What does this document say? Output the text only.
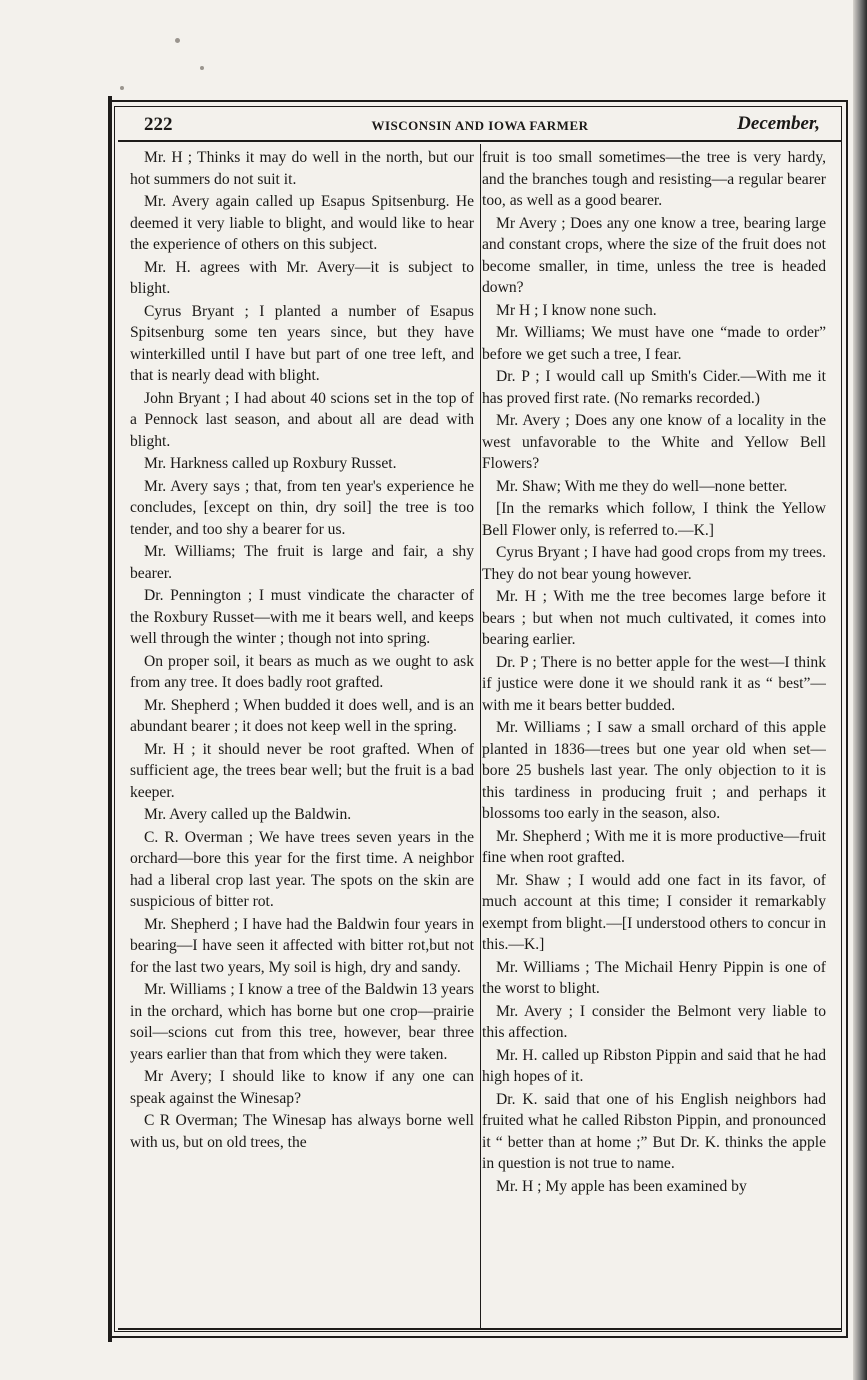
222	WISCONSIN AND IOWA FARMER	December,

Mr. H ; Thinks it may do well in the north, but our hot summers do not suit it.

Mr. Avery again called up Esapus Spitsenburg. He deemed it very liable to blight, and would like to hear the experience of others on this subject.

Mr. H. agrees with Mr. Avery—it is subject to blight.

Cyrus Bryant ; I planted a number of Esapus Spitsenburg some ten years since, but they have winterkilled until I have but part of one tree left, and that is nearly dead with blight.

John Bryant ; I had about 40 scions set in the top of a Pennock last season, and about all are dead with blight.

Mr. Harkness called up Roxbury Russet.

Mr. Avery says ; that, from ten year's experience he concludes, [except on thin, dry soil] the tree is too tender, and too shy a bearer for us.

Mr. Williams; The fruit is large and fair, a shy bearer.

Dr. Pennington ; I must vindicate the character of the Roxbury Russet—with me it bears well, and keeps well through the winter ; though not into spring.

On proper soil, it bears as much as we ought to ask from any tree. It does badly root grafted.

Mr. Shepherd ; When budded it does well, and is an abundant bearer ; it does not keep well in the spring.

Mr. H ; it should never be root grafted. When of sufficient age, the trees bear well; but the fruit is a bad keeper.

Mr. Avery called up the Baldwin.

C. R. Overman ; We have trees seven years in the orchard—bore this year for the first time. A neighbor had a liberal crop last year. The spots on the skin are suspicious of bitter rot.

Mr. Shepherd ; I have had the Baldwin four years in bearing—I have seen it affected with bitter rot,but not for the last two years, My soil is high, dry and sandy.

Mr. Williams ; I know a tree of the Baldwin 13 years in the orchard, which has borne but one crop—prairie soil—scions cut from this tree, however, bear three years earlier than that from which they were taken.

Mr Avery; I should like to know if any one can speak against the Winesap?

C R Overman; The Winesap has always borne well with us, but on old trees, the

fruit is too small sometimes—the tree is very hardy, and the branches tough and resisting—a regular bearer too, as well as a good bearer.

Mr Avery ; Does any one know a tree, bearing large and constant crops, where the size of the fruit does not become smaller, in time, unless the tree is headed down?

Mr H ; I know none such.

Mr. Williams; We must have one “made to order” before we get such a tree, I fear.

Dr. P ; I would call up Smith's Cider.—With me it has proved first rate. (No remarks recorded.)

Mr. Avery ; Does any one know of a locality in the west unfavorable to the White and Yellow Bell Flowers?

Mr. Shaw; With me they do well—none better.

[In the remarks which follow, I think the Yellow Bell Flower only, is referred to.—K.]

Cyrus Bryant ; I have had good crops from my trees. They do not bear young however.

Mr. H ; With me the tree becomes large before it bears ; but when not much cultivated, it comes into bearing earlier.

Dr. P ; There is no better apple for the west—I think if justice were done it we should rank it as “ best”—with me it bears better budded.

Mr. Williams ; I saw a small orchard of this apple planted in 1836—trees but one year old when set—bore 25 bushels last year. The only objection to it is this tardiness in producing fruit ; and perhaps it blossoms too early in the season, also.

Mr. Shepherd ; With me it is more productive—fruit fine when root grafted.

Mr. Shaw ; I would add one fact in its favor, of much account at this time; I consider it remarkably exempt from blight.—[I understood others to concur in this.—K.]

Mr. Williams ; The Michail Henry Pippin is one of the worst to blight.

Mr. Avery ; I consider the Belmont very liable to this affection.

Mr. H. called up Ribston Pippin and said that he had high hopes of it.

Dr. K. said that one of his English neighbors had fruited what he called Ribston Pippin, and pronounced it “ better than at home ;” But Dr. K. thinks the apple in question is not true to name.

Mr. H ; My apple has been examined by
